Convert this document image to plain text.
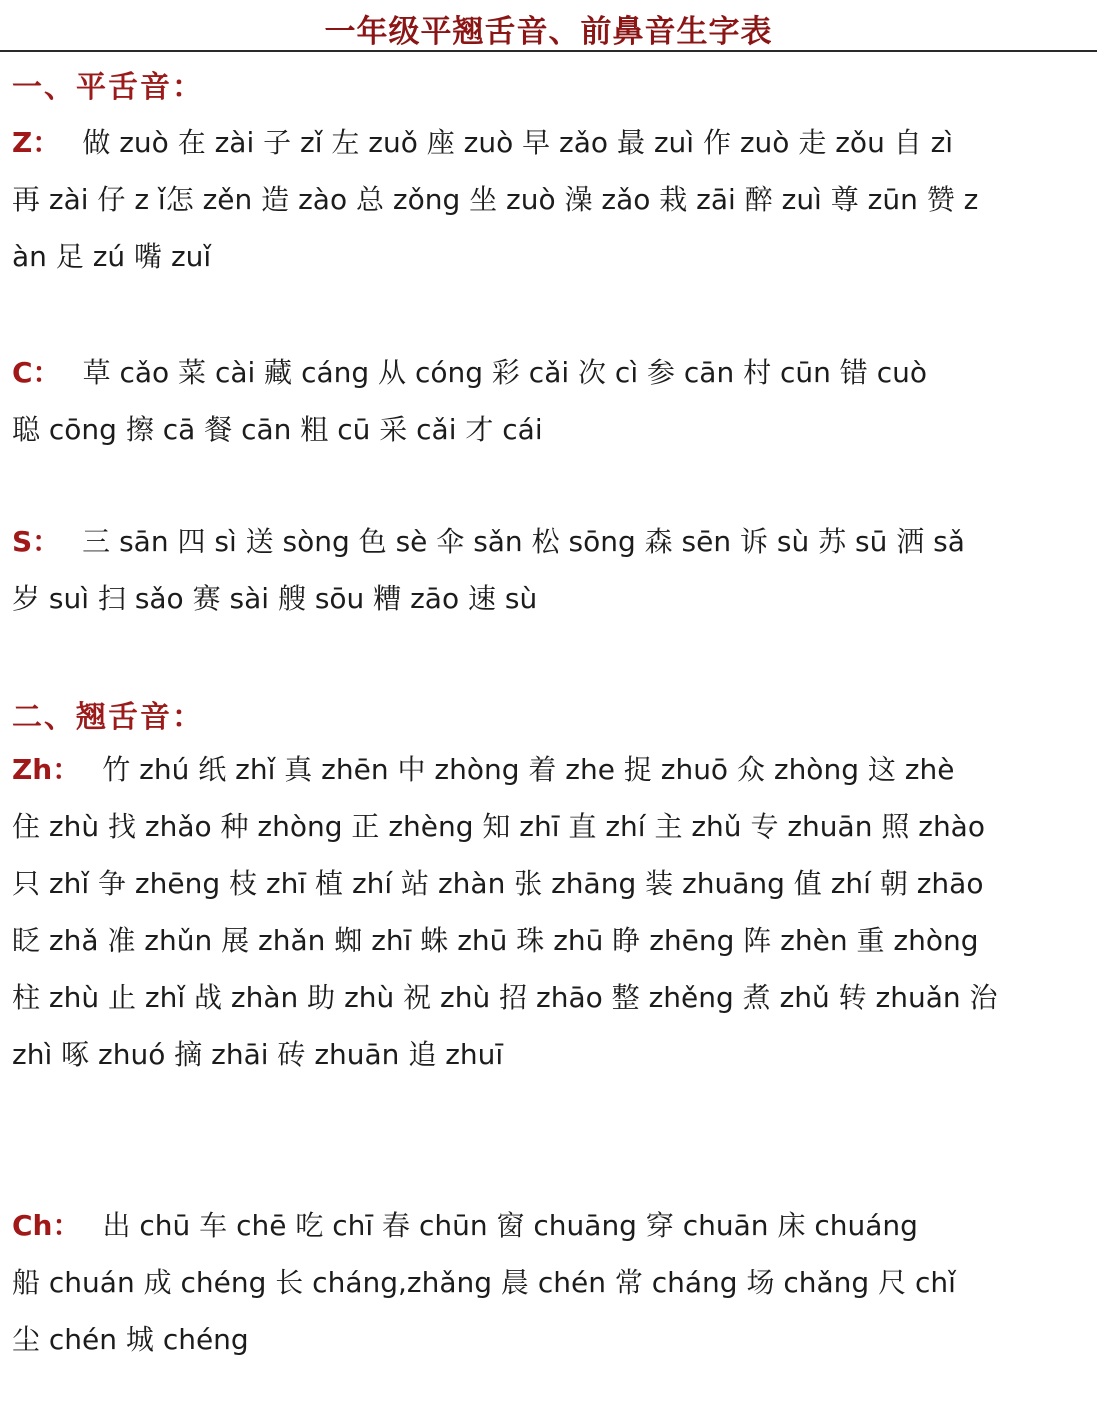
一年级平翘舌音、前鼻音生字表
一、平舌音：
Z： 做 zuò 在 zài 子 zǐ 左 zuǒ 座 zuò 早 zǎo 最 zuì 作 zuò 走 zǒu 自 zì
再 zài 仔 z ǐ怎 zěn 造 zào 总 zǒng 坐 zuò 澡 zǎo 栽 zāi 醉 zuì 尊 zūn 赞 z
àn 足 zú 嘴 zuǐ
C： 草 cǎo 菜 cài 藏 cáng 从 cóng 彩 cǎi 次 cì 参 cān 村 cūn 错 cuò
聪 cōng 擦 cā 餐 cān 粗 cū 采 cǎi 才 cái
S： 三 sān 四 sì 送 sòng 色 sè 伞 sǎn 松 sōng 森 sēn 诉 sù 苏 sū 洒 sǎ
岁 suì 扫 sǎo 赛 sài 艘 sōu 糟 zāo 速 sù
二、翘舌音：
Zh： 竹 zhú 纸 zhǐ 真 zhēn 中 zhòng 着 zhe 捉 zhuō 众 zhòng 这 zhè
住 zhù 找 zhǎo 种 zhòng 正 zhèng 知 zhī 直 zhí 主 zhǔ 专 zhuān 照 zhào
只 zhǐ 争 zhēng 枝 zhī 植 zhí 站 zhàn 张 zhāng 装 zhuāng 值 zhí 朝 zhāo
眨 zhǎ 准 zhǔn 展 zhǎn 蜘 zhī 蛛 zhū 珠 zhū 睁 zhēng 阵 zhèn 重 zhòng
柱 zhù 止 zhǐ 战 zhàn 助 zhù 祝 zhù 招 zhāo 整 zhěng 煮 zhǔ 转 zhuǎn 治
zhì 啄 zhuó 摘 zhāi 砖 zhuān 追 zhuī
Ch： 出 chū 车 chē 吃 chī 春 chūn 窗 chuāng 穿 chuān 床 chuáng
船 chuán 成 chéng 长 cháng,zhǎng 晨 chén 常 cháng 场 chǎng 尺 chǐ
尘 chén 城 chéng
